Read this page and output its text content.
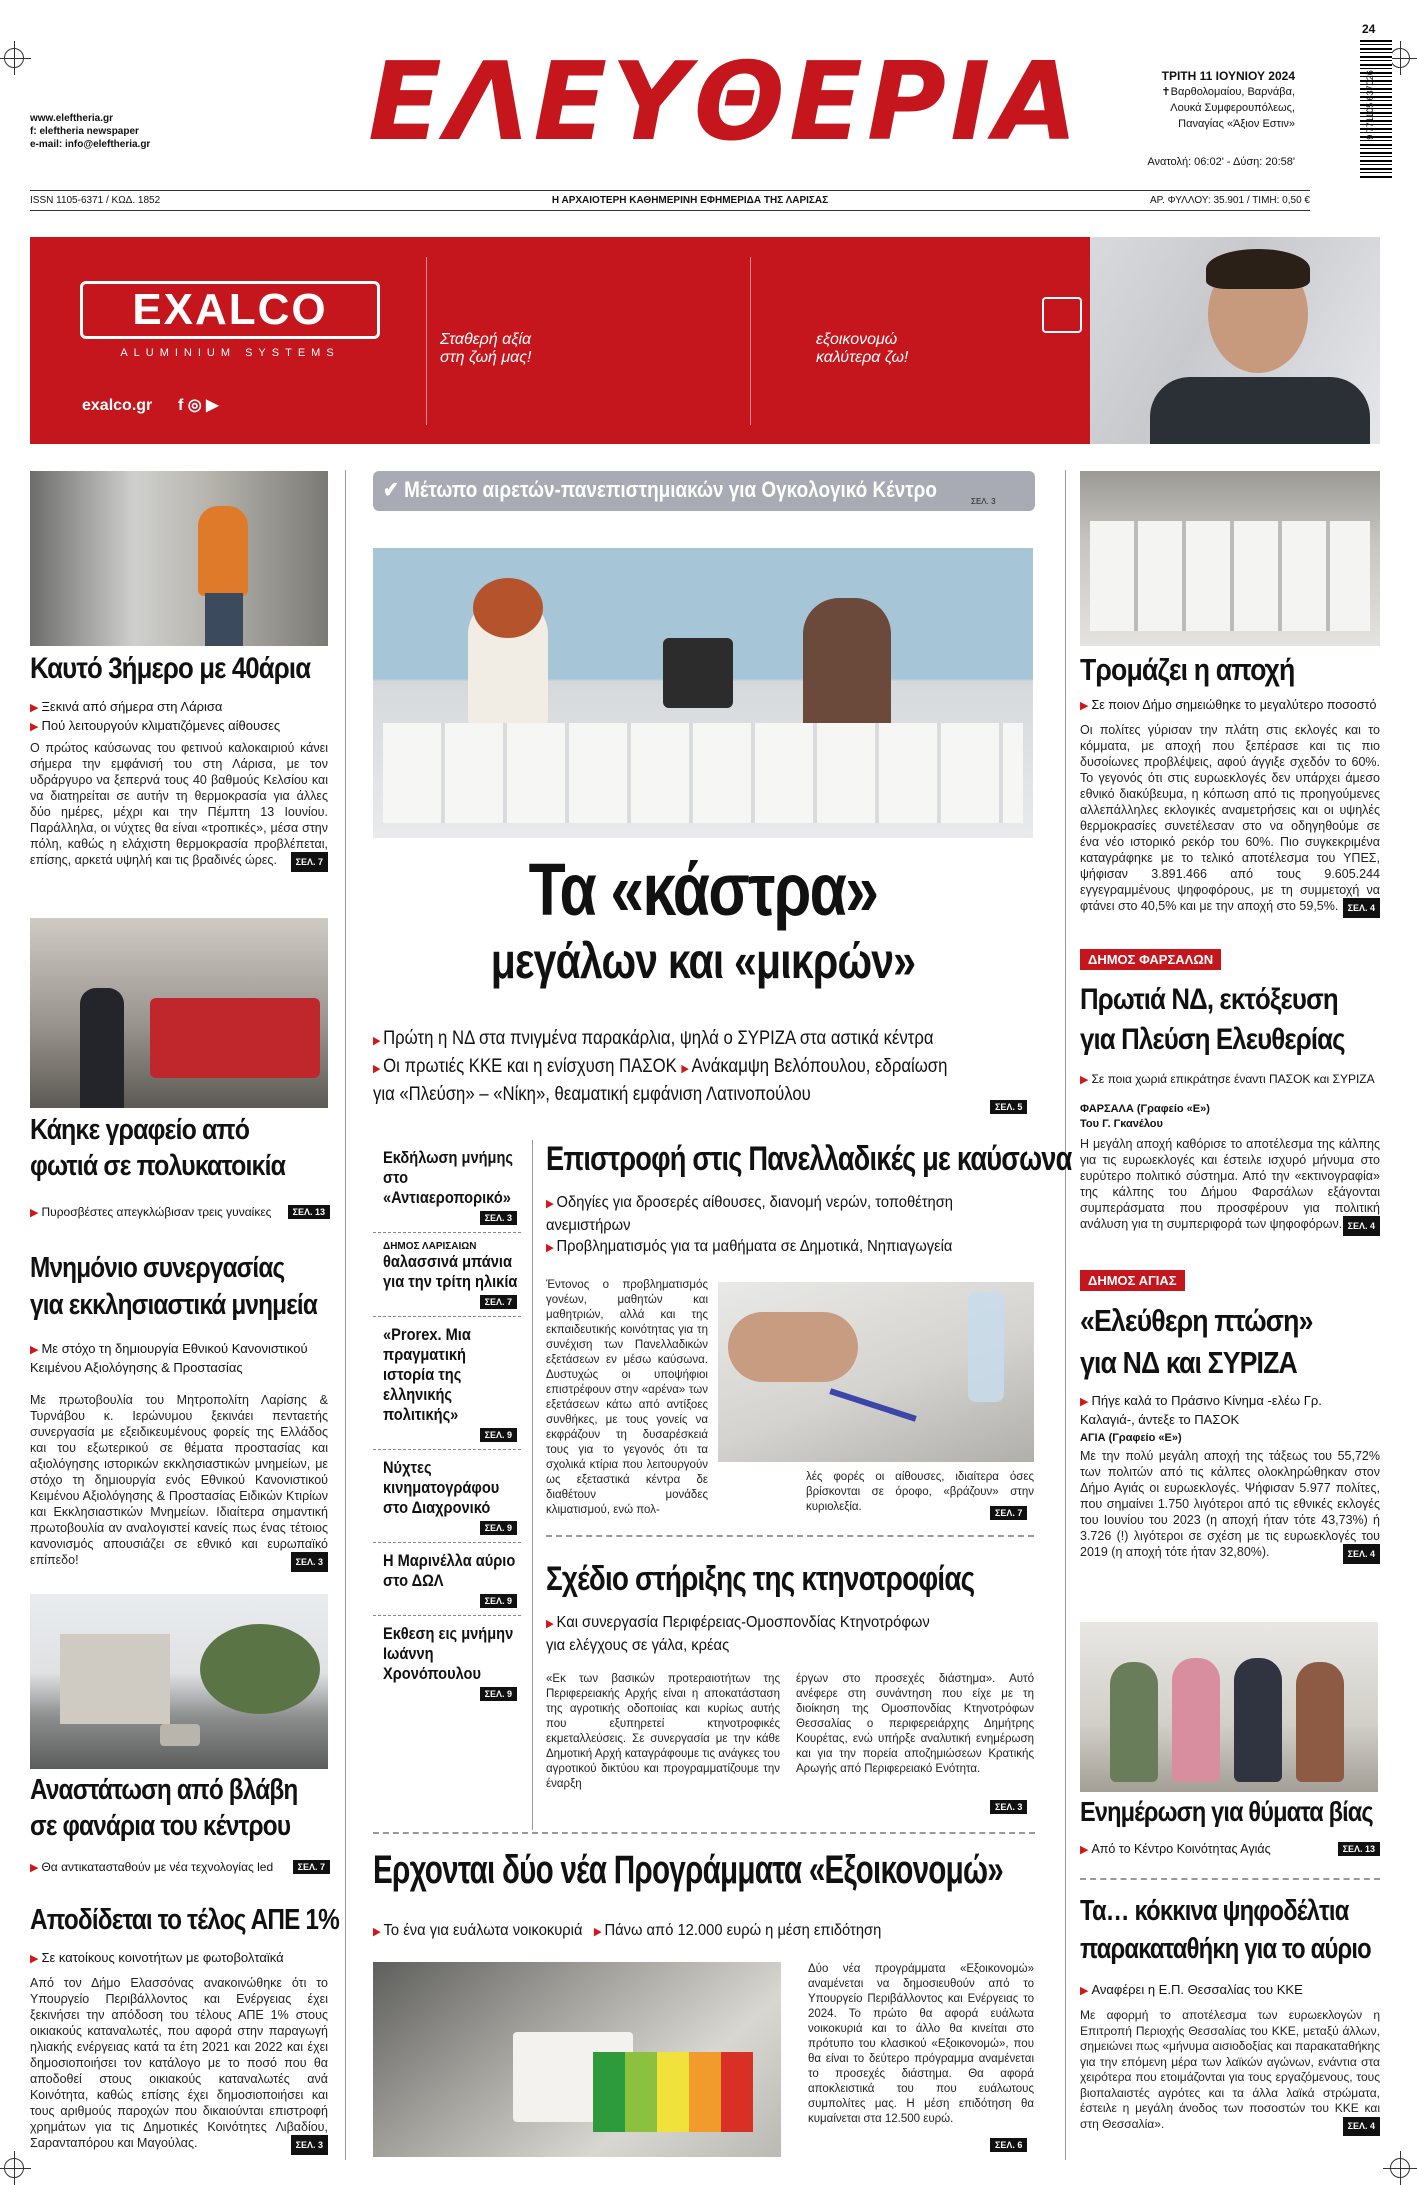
www.eleftheria.gr
f: eleftheria newspaper
e-mail: info@eleftheria.gr ΕΛΕΥΘΕΡΙΑ	ΤΡΙΤΗ 11 ΙΟΥΝΙΟΥ 2024
✝Βαρθολομαίου, Βαρνάβα,
Λουκά Συμφερουπόλεως,
Παναγίας «Άξιον Εστιν»
Ανατολή: 06:02' - Δύση: 20:58'
9 771105 637026
24
ISSN 1105-6371 / ΚΩΔ. 1852	Η ΑΡΧΑΙΟΤΕΡΗ ΚΑΘΗΜΕΡΙΝΗ ΕΦΗΜΕΡΙΔΑ ΤΗΣ ΛΑΡΙΣΑΣ	ΑΡ. ΦΥΛΛΟΥ: 35.901 / ΤΙΜΗ: 0,50 €
EXALCO
ALUMINIUM SYSTEMS
exalco.gr f ◎ ▶
Σταθερή αξία
στη ζωή μας!
εξοικονομώ
καλύτερα ζω!
Καυτό 3ήμερο με 40άρια
▶ Ξεκινά από σήμερα στη Λάρισα
▶ Πού λειτουργούν κλιματιζόμενες αίθουσες
Ο πρώτος καύσωνας του φετινού καλοκαιριού κάνει σήμερα την εμφάνισή του στη Λάρισα, με τον υδράργυρο να ξεπερνά τους 40 βαθμούς Κελσίου και να διατηρείται σε αυτήν τη θερμοκρασία για άλλες δύο ημέρες, μέχρι και την Πέμπτη 13 Ιουνίου. Παράλληλα, οι νύχτες θα είναι «τροπικές», μέσα στην πόλη, καθώς η ελάχιστη θερμοκρασία προβλέπεται, επίσης, αρκετά υψηλή και τις βραδινές ώρες.	ΣΕΛ. 7
Κάηκε γραφείο από
φωτιά σε πολυκατοικία
▶ Πυροσβέστες απεγκλώβισαν τρεις γυναίκες	ΣΕΛ. 13
Μνημόνιο συνεργασίας
για εκκλησιαστικά μνημεία
▶ Με στόχο τη δημιουργία Εθνικού Κανονιστικού Κειμένου Αξιολόγησης & Προστασίας
Με πρωτοβουλία του Μητροπολίτη Λαρίσης & Τυρνάβου κ. Ιερώνυμου ξεκινάει πενταετής συνεργασία με εξειδικευμένους φορείς της Ελλάδος και του εξωτερικού σε θέματα προστασίας και αξιολόγησης ιστορικών εκκλησιαστικών μνημείων, με στόχο τη δημιουργία ενός Εθνικού Κανονιστικού Κειμένου Αξιολόγησης & Προστασίας Ειδικών Κτιρίων και Εκκλησιαστικών Μνημείων. Ιδιαίτερα σημαντική πρωτοβουλία αν αναλογιστεί κανείς πως ένας τέτοιος κανονισμός απουσιάζει σε εθνικό και ευρωπαϊκό επίπεδο!	ΣΕΛ. 3
Αναστάτωση από βλάβη
σε φανάρια του κέντρου
▶ Θα αντικατασταθούν με νέα τεχνολογίας led	ΣΕΛ. 7
Αποδίδεται το τέλος ΑΠΕ 1%
▶ Σε κατοίκους κοινοτήτων με φωτοβολταϊκά
Από τον Δήμο Ελασσόνας ανακοινώθηκε ότι το Υπουργείο Περιβάλλοντος και Ενέργειας έχει ξεκινήσει την απόδοση του τέλους ΑΠΕ 1% στους οικιακούς καταναλωτές, που αφορά στην παραγωγή ηλιακής ενέργειας κατά τα έτη 2021 και 2022 και έχει δημοσιοποιήσει τον κατάλογο με το ποσό που θα αποδοθεί στους οικιακούς καταναλωτές ανά Κοινότητα, καθώς επίσης έχει δημοσιοποιήσει και τους αριθμούς παροχών που δικαιούνται επιστροφή χρημάτων για τις Δημοτικές Κοινότητες Λιβαδίου, Σαρανταπόρου και Μαγούλας.	ΣΕΛ. 3
✔ Μέτωπο αιρετών-πανεπιστημιακών για Ογκολογικό Κέντρο	ΣΕΛ. 3
Τα «κάστρα»
μεγάλων και «μικρών»
▶ Πρώτη η ΝΔ στα πνιγμένα παρακάρλια, ψηλά ο ΣΥΡΙΖΑ στα αστικά κέντρα
▶ Οι πρωτιές ΚΚΕ και η ενίσχυση ΠΑΣΟΚ ▶ Ανάκαμψη Βελόπουλου, εδραίωση
για «Πλεύση» – «Νίκη», θεαματική εμφάνιση Λατινοπούλου
ΣΕΛ. 5
Εκδήλωση μνήμης στο «Αντιαεροπορικό»
ΣΕΛ. 3
ΔΗΜΟΣ ΛΑΡΙΣΑΙΩΝ
θαλασσινά μπάνια για την τρίτη ηλικία
ΣΕΛ. 7
«Prorex. Μια πραγματική ιστορία της ελληνικής πολιτικής»
ΣΕΛ. 9
Νύχτες κινηματογράφου στο Διαχρονικό
ΣΕΛ. 9
Η Μαρινέλλα αύριο στο ΔΩΛ
ΣΕΛ. 9
Εκθεση εις μνήμην Ιωάννη Χρονόπουλου
ΣΕΛ. 9
Επιστροφή στις Πανελλαδικές με καύσωνα
▶ Οδηγίες για δροσερές αίθουσες, διανομή νερών, τοποθέτηση ανεμιστήρων
▶ Προβληματισμός για τα μαθήματα σε Δημοτικά, Νηπιαγωγεία
Έντονος ο προβληματισμός γονέων, μαθητών και μαθητριών, αλλά και της εκπαιδευτικής κοινότητας για τη συνέχιση των Πανελλαδικών εξετάσεων εν μέσω καύσωνα. Δυστυχώς οι υποψήφιοι επιστρέφουν στην «αρένα» των εξετάσεων κάτω από αντίξοες συνθήκες, με τους γονείς να εκφράζουν τη δυσαρέσκειά τους για το γεγονός ότι τα σχολικά κτίρια που λειτουργούν ως εξεταστικά κέντρα δε διαθέτουν μονάδες κλιματισμού, ενώ πολ-
λές φορές οι αίθουσες, ιδιαίτερα όσες βρίσκονται σε όροφο, «βράζουν» στην κυριολεξία.	ΣΕΛ. 7
Σχέδιο στήριξης της κτηνοτροφίας
▶ Και συνεργασία Περιφέρειας-Ομοσπονδίας Κτηνοτρόφων για ελέγχους σε γάλα, κρέας
«Εκ των βασικών προτεραιοτήτων της Περιφερειακής Αρχής είναι η αποκατάσταση της αγροτικής οδοποιίας και κυρίως αυτής που εξυπηρετεί κτηνοτροφικές εκμεταλλεύσεις. Σε συνεργασία με την κάθε Δημοτική Αρχή καταγράφουμε τις ανάγκες του αγροτικού δικτύου και προγραμματίζουμε την έναρξη
έργων στο προσεχές διάστημα». Αυτό ανέφερε στη συνάντηση που είχε με τη διοίκηση της Ομοσπονδίας Κτηνοτρόφων Θεσσαλίας ο περιφερειάρχης Δημήτρης Κουρέτας, ενώ υπήρξε αναλυτική ενημέρωση και για την πορεία αποζημιώσεων Κρατικής Αρωγής από Περιφερειακό Ενότητα.
ΣΕΛ. 3
Ερχονται δύο νέα Προγράμματα «Εξοικονομώ»
▶ Το ένα για ευάλωτα νοικοκυριά ▶ Πάνω από 12.000 ευρώ η μέση επιδότηση
Δύο νέα προγράμματα «Εξοικονομώ» αναμένεται να δημοσιευθούν από το Υπουργείο Περιβάλλοντος και Ενέργειας το 2024. Το πρώτο θα αφορά ευάλωτα νοικοκυριά και το άλλο θα κινείται στο πρότυπο του κλασικού «Εξοικονομώ», που θα είναι το δεύτερο πρόγραμμα αναμένεται το προσεχές διάστημα. Θα αφορά αποκλειστικά του που ευάλωτους συμπολίτες μας. Η μέση επιδότηση θα κυμαίνεται στα 12.500 ευρώ.
ΣΕΛ. 6
Τρομάζει η αποχή
▶ Σε ποιον Δήμο σημειώθηκε το μεγαλύτερο ποσοστό
Οι πολίτες γύρισαν την πλάτη στις εκλογές και το κόμματα, με αποχή που ξεπέρασε και τις πιο δυσοίωνες προβλέψεις, αφού άγγιξε σχεδόν το 60%. Το γεγονός ότι στις ευρωεκλογές δεν υπάρχει άμεσο εθνικό διακύβευμα, η κόπωση από τις προηγούμενες αλλεπάλληλες εκλογικές αναμετρήσεις και οι υψηλές θερμοκρασίες συνετέλεσαν στο να οδηγηθούμε σε ένα νέο ιστορικό ρεκόρ του 60%. Πιο συγκεκριμένα καταγράφηκε με το τελικό αποτέλεσμα του ΥΠΕΣ, ψήφισαν 3.891.466 από τους 9.605.244 εγγεγραμμένους ψηφοφόρους, με τη συμμετοχή να φτάνει στο 40,5% και με την αποχή στο 59,5%.	ΣΕΛ. 4
ΔΗΜΟΣ ΦΑΡΣΑΛΩΝ
Πρωτιά ΝΔ, εκτόξευση
για Πλεύση Ελευθερίας
▶ Σε ποια χωριά επικράτησε έναντι ΠΑΣΟΚ και ΣΥΡΙΖΑ
ΦΑΡΣΑΛΑ (Γραφείο «Ε»)
Του Γ. Γκανέλου
Η μεγάλη αποχή καθόρισε το αποτέλεσμα της κάλπης για τις ευρωεκλογές και έστειλε ισχυρό μήνυμα στο ευρύτερο πολιτικό σύστημα. Από την «εκτινογραφία» της κάλπης του Δήμου Φαρσάλων εξάγονται συμπεράσματα που προσφέρουν για πολιτική ανάλυση για τη συμπεριφορά των ψηφοφόρων. ΣΕΛ. 4
ΔΗΜΟΣ ΑΓΙΑΣ
«Ελεύθερη πτώση»
για ΝΔ και ΣΥΡΙΖΑ
▶ Πήγε καλά το Πράσινο Κίνημα -ελέω Γρ. Καλαγιά-, άντεξε το ΠΑΣΟΚ
ΑΓΙΑ (Γραφείο «Ε»)
Με την πολύ μεγάλη αποχή της τάξεως του 55,72% των πολιτών από τις κάλπες ολοκληρώθηκαν στον Δήμο Αγιάς οι ευρωεκλογές. Ψήφισαν 5.977 πολίτες, που σημαίνει 1.750 λιγότεροι από τις εθνικές εκλογές του Ιουνίου του 2023 (η αποχή ήταν τότε 43,73%) ή 3.726 (!) λιγότεροι σε σχέση με τις ευρωεκλογές του 2019 (η αποχή τότε ήταν 32,80%).	ΣΕΛ. 4
Ενημέρωση για θύματα βίας
▶ Από το Κέντρο Κοινότητας Αγιάς	ΣΕΛ. 13
Τα… κόκκινα ψηφοδέλτια
παρακαταθήκη για το αύριο
▶ Αναφέρει η Ε.Π. Θεσσαλίας του ΚΚΕ
Με αφορμή το αποτέλεσμα των ευρωεκλογών η Επιτροπή Περιοχής Θεσσαλίας του ΚΚΕ, μεταξύ άλλων, σημειώνει πως «μήνυμα αισιοδοξίας και παρακαταθήκης για την επόμενη μέρα των λαϊκών αγώνων, ενάντια στα χειρότερα που ετοιμάζονται για τους εργαζόμενους, τους βιοπαλαιστές αγρότες και τα άλλα λαϊκά στρώματα, έστειλε η μεγάλη άνοδος των ποσοστών του ΚΚΕ και στη Θεσσαλία».	ΣΕΛ. 4
